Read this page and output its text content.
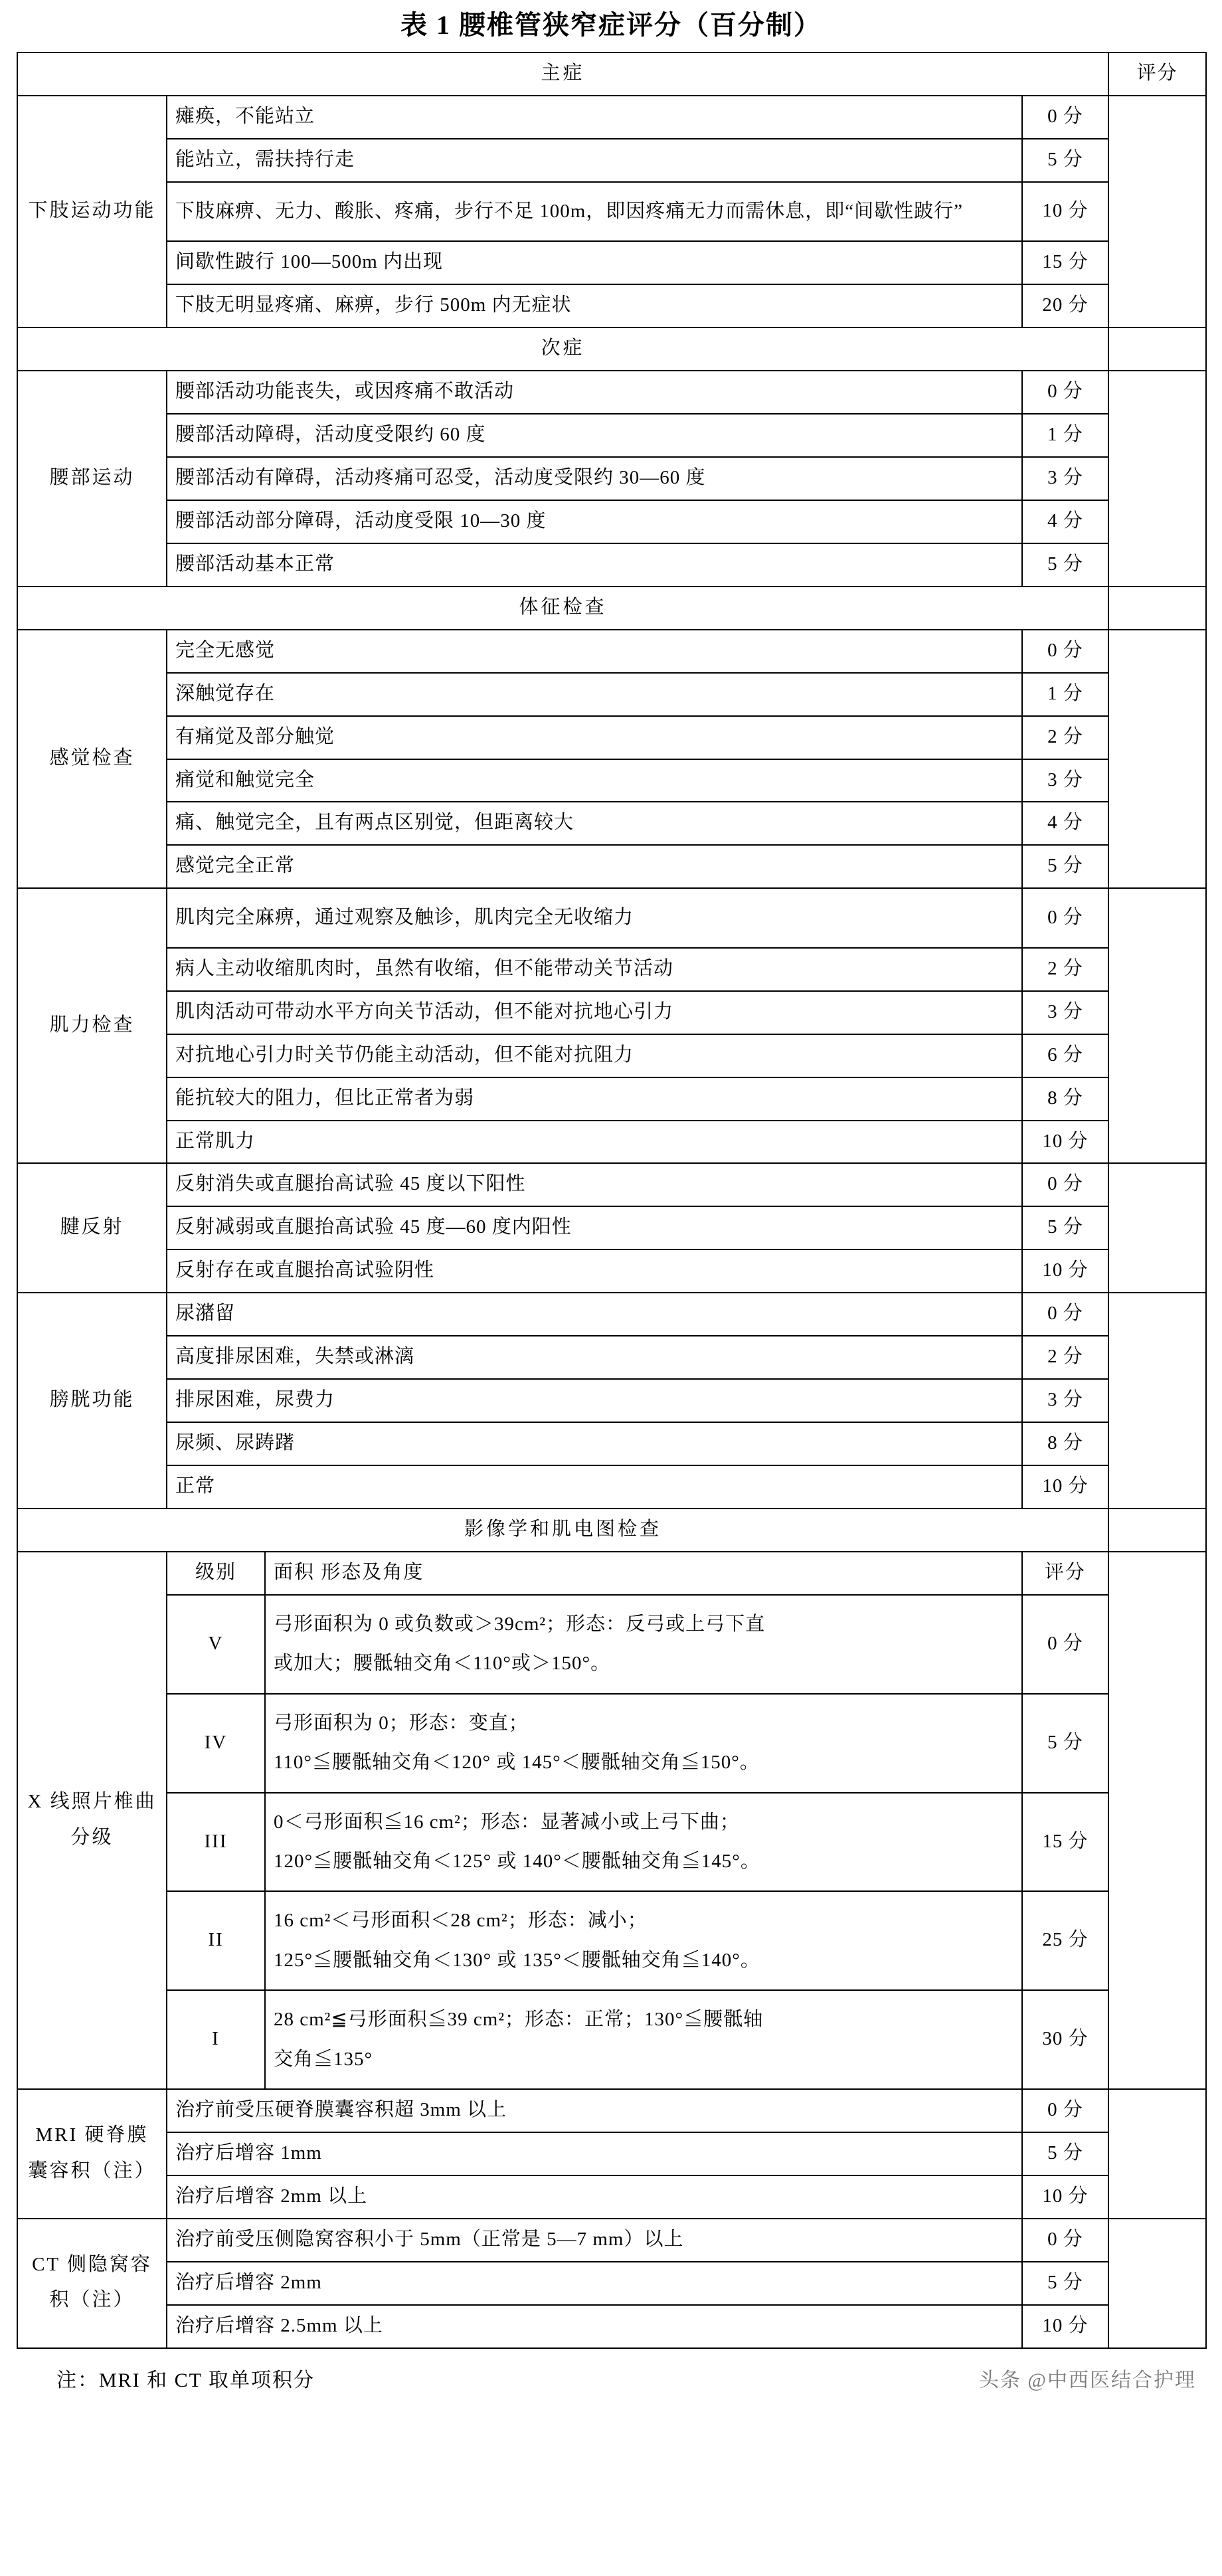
表 1 腰椎管狭窄症评分（百分制）
主症				评分
下肢运动功能	瘫痪，不能站立		0 分	
	能站立，需扶持行走		5 分	
	下肢麻痹、无力、酸胀、疼痛，步行不足 100m，即因疼痛无力而需休息，即“间歇性跛行”		10 分	
	间歇性跛行 100—500m 内出现		15 分	
	下肢无明显疼痛、麻痹，步行 500m 内无症状		20 分	
次症				
腰部运动	腰部活动功能丧失，或因疼痛不敢活动		0 分	
	腰部活动障碍，活动度受限约 60 度		1 分	
	腰部活动有障碍，活动疼痛可忍受，活动度受限约 30—60 度		3 分	
	腰部活动部分障碍，活动度受限 10—30 度		4 分	
	腰部活动基本正常		5 分	
体征检查				
感觉检查	完全无感觉		0 分	
	深触觉存在		1 分	
	有痛觉及部分触觉		2 分	
	痛觉和触觉完全		3 分	
	痛、触觉完全，且有两点区别觉，但距离较大		4 分	
	感觉完全正常		5 分	
肌力检查	肌肉完全麻痹，通过观察及触诊，肌肉完全无收缩力		0 分	
	病人主动收缩肌肉时，虽然有收缩，但不能带动关节活动		2 分	
	肌肉活动可带动水平方向关节活动，但不能对抗地心引力		3 分	
	对抗地心引力时关节仍能主动活动，但不能对抗阻力		6 分	
	能抗较大的阻力，但比正常者为弱		8 分	
	正常肌力		10 分	
腱反射	反射消失或直腿抬高试验 45 度以下阳性		0 分	
	反射减弱或直腿抬高试验 45 度—60 度内阳性		5 分	
	反射存在或直腿抬高试验阴性		10 分	
膀胱功能	尿潴留		0 分	
	高度排尿困难，失禁或淋漓		2 分	
	排尿困难，尿费力		3 分	
	尿频、尿踌躇		8 分	
	正常		10 分	
影像学和肌电图检查				
X 线照片椎曲分级	级别	面积 形态及角度	评分	
	V	弓形面积为 0 或负数或＞39cm²；形态：反弓或上弓下直
或加大；腰骶轴交角＜110°或＞150°。	0 分	
	IV	弓形面积为 0；形态：变直；
110°≦腰骶轴交角＜120° 或 145°＜腰骶轴交角≦150°。	5 分	
	III	0＜弓形面积≦16 cm²；形态：显著减小或上弓下曲；
120°≦腰骶轴交角＜125° 或 140°＜腰骶轴交角≦145°。	15 分	
	II	16 cm²＜弓形面积＜28 cm²；形态：减小；
125°≦腰骶轴交角＜130° 或 135°＜腰骶轴交角≦140°。	25 分	
	I	28 cm²≦弓形面积≦39 cm²；形态：正常；130°≦腰骶轴
交角≦135°	30 分	
MRI 硬脊膜囊容积（注）	治疗前受压硬脊膜囊容积超 3mm 以上		0 分	
	治疗后增容 1mm		5 分	
	治疗后增容 2mm 以上		10 分	
CT 侧隐窝容积（注）	治疗前受压侧隐窝容积小于 5mm（正常是 5—7 mm）以上		0 分	
	治疗后增容 2mm		5 分	
	治疗后增容 2.5mm 以上		10 分	
注：MRI 和 CT 取单项积分	头条 @中西医结合护理
